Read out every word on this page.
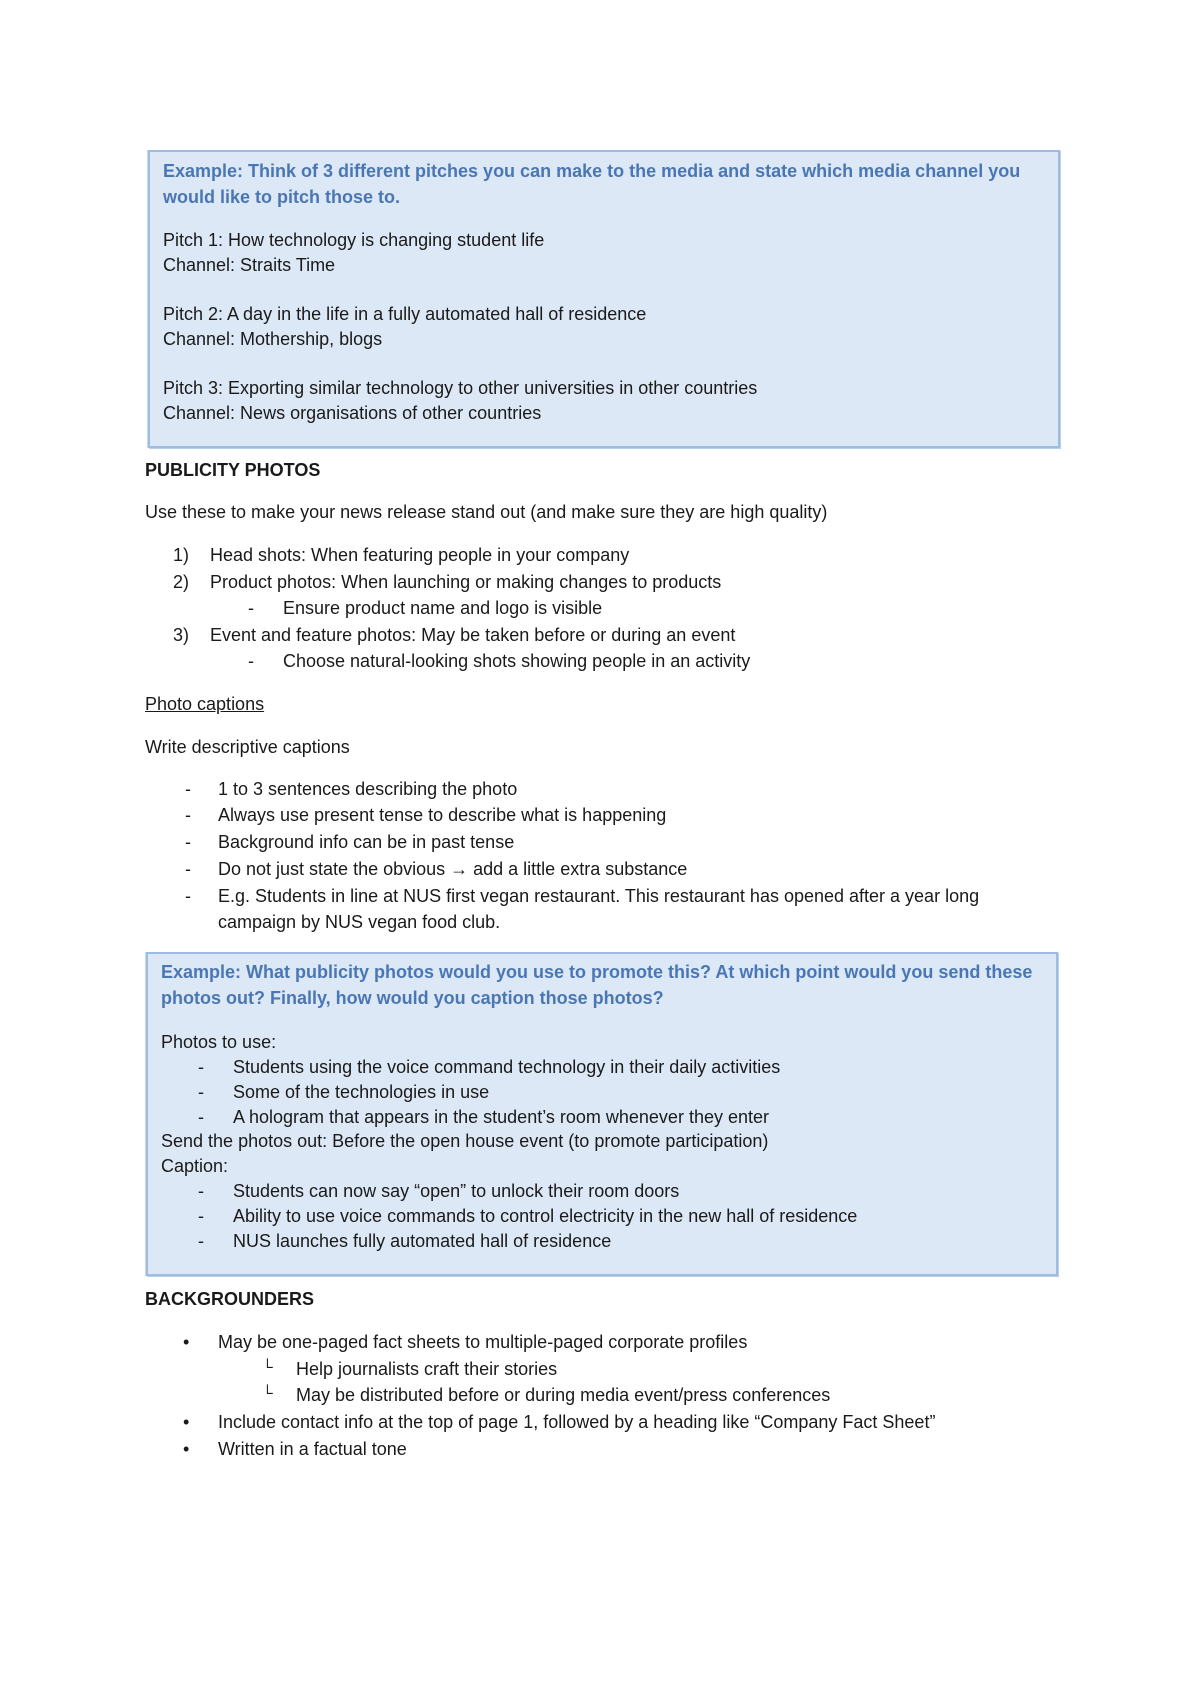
Example: Think of 3 different pitches you can make to the media and state which media channel you would like to pitch those to.
Pitch 1: How technology is changing student life
Channel: Straits Time
Pitch 2: A day in the life in a fully automated hall of residence
Channel: Mothership, blogs
Pitch 3: Exporting similar technology to other universities in other countries
Channel: News organisations of other countries
PUBLICITY PHOTOS
Use these to make your news release stand out (and make sure they are high quality)
1) Head shots: When featuring people in your company
2) Product photos: When launching or making changes to products
‐ Ensure product name and logo is visible
3) Event and feature photos: May be taken before or during an event
‐ Choose natural-looking shots showing people in an activity
Photo captions
Write descriptive captions
‐ 1 to 3 sentences describing the photo
‐ Always use present tense to describe what is happening
‐ Background info can be in past tense
‐ Do not just state the obvious → add a little extra substance
‐ E.g. Students in line at NUS first vegan restaurant. This restaurant has opened after a year long
campaign by NUS vegan food club.
Example: What publicity photos would you use to promote this? At which point would you send these
photos out? Finally, how would you caption those photos?
Photos to use:
‐ Students using the voice command technology in their daily activities
‐ Some of the technologies in use
‐ A hologram that appears in the student’s room whenever they enter
Send the photos out: Before the open house event (to promote participation)
Caption:
‐ Students can now say “open” to unlock their room doors
‐ Ability to use voice commands to control electricity in the new hall of residence
‐ NUS launches fully automated hall of residence
BACKGROUNDERS
• May be one-paged fact sheets to multiple-paged corporate profiles
└ Help journalists craft their stories
└ May be distributed before or during media event/press conferences
• Include contact info at the top of page 1, followed by a heading like “Company Fact Sheet”
• Written in a factual tone
